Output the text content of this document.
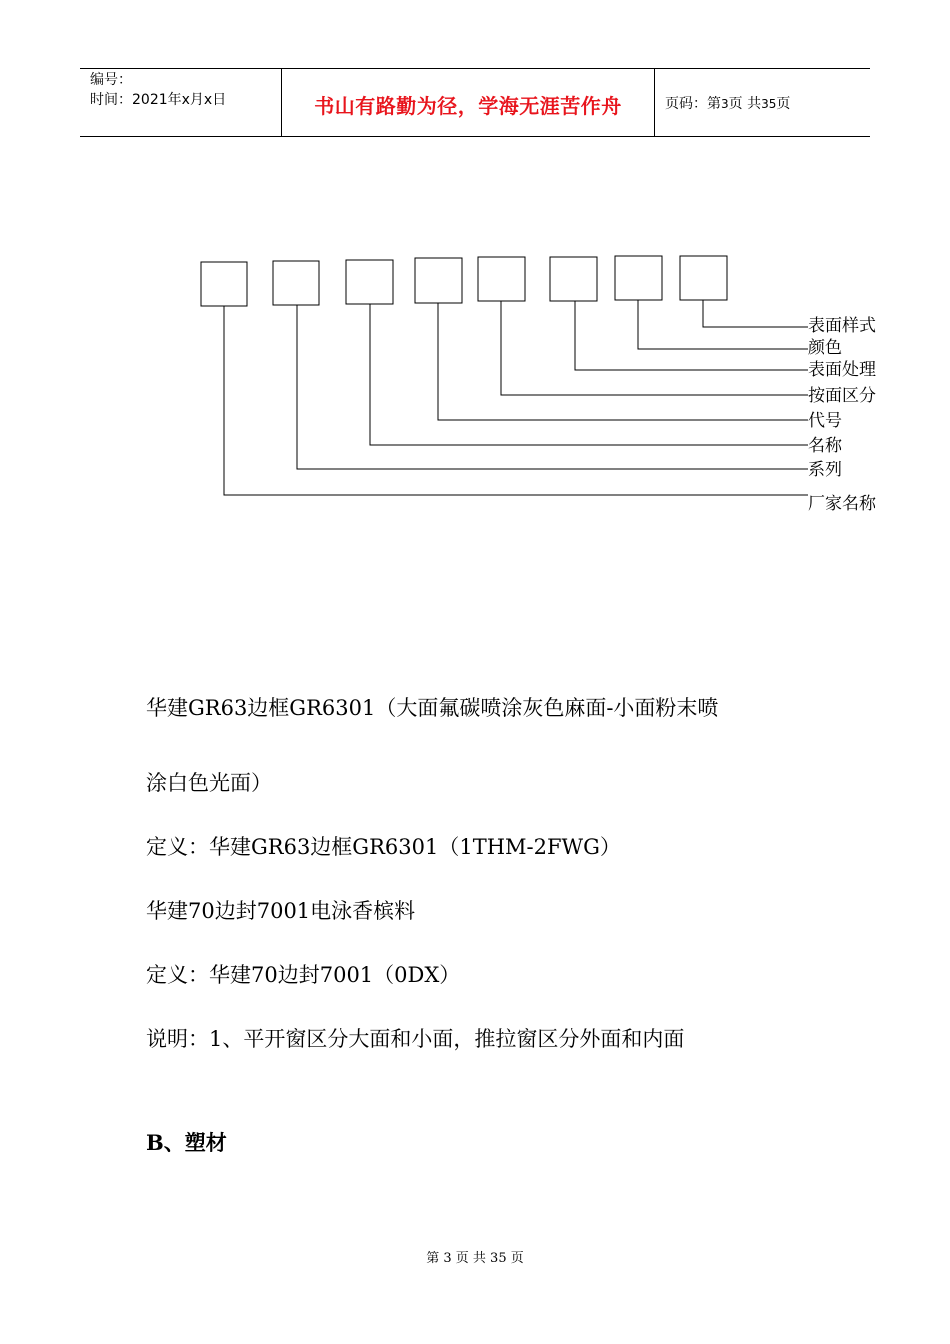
编号：
时间：2021年x月x日	书山有路勤为径，学海无涯苦作舟	页码：第3页 共35页
表面样式
颜色
表面处理
按面区分
代号
名称
系列
厂家名称
华建GR63边框GR6301（大面氟碳喷涂灰色麻面-小面粉末喷
涂白色光面）
定义：华建GR63边框GR6301（1THM-2FWG）
华建70边封7001电泳香槟料
定义：华建70边封7001（0DX）
说明：1、平开窗区分大面和小面，推拉窗区分外面和内面
B、塑材
第 3 页 共 35 页
